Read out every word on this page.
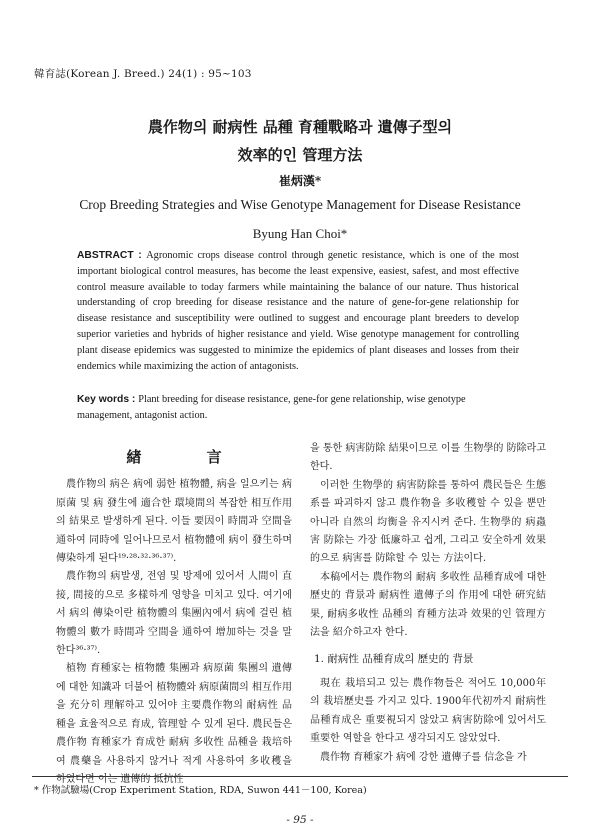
韓育誌(Korean J. Breed.) 24(1) : 95~103
農作物의 耐病性 品種 育種戰略과 遺傳子型의
效率的인 管理方法
崔炳漢*
Crop Breeding Strategies and Wise Genotype Management for Disease Resistance
Byung Han Choi*
ABSTRACT : Agronomic crops disease control through genetic resistance, which is one of the most important biological control measures, has become the least expensive, easiest, safest, and most effective control measure available to today farmers while maintaining the balance of our nature. Thus historical understanding of crop breeding for disease resistance and the nature of gene-for-gene relationship for disease resistance and susceptibility were outlined to suggest and encourage plant breeders to develop superior varieties and hybrids of higher resistance and yield. Wise genotype management for controlling plant disease epidemics was suggested to minimize the epidemics of plant diseases and losses from their endemics while maximizing the action of antagonists.
Key words : Plant breeding for disease resistance, gene-for gene relationship, wise genotype management, antagonist action.
緖 言

農作物의 病은 病에 弱한 植物體, 病을 일으키는 病原菌 및 病 發生에 適合한 環境間의 복잡한 相互作用의 結果로 발생하게 된다. 이들 要因이 時間과 空間을 通하여 同時에 일어나므로서 植物體에 病이 發生하며 傳染하게 된다¹⁹·²⁸·³²·³⁶·³⁷⁾.

農作物의 病발생, 전염 및 방제에 있어서 人間이 直接, 間接的으로 多樣하게 영향을 미치고 있다. 여기에서 病의 傳染이란 植物體의 集團內에서 病에 걸린 植物體의 數가 時間과 空間을 通하여 增加하는 것을 말한다³⁶·³⁷⁾.

植物 育種家는 植物體 集團과 病原菌 集團의 遺傳에 대한 知識과 더불어 植物體와 病原菌間의 相互作用을 充分히 理解하고 있어야 主要農作物의 耐病性 品種을 효율적으로 育成, 管理할 수 있게 된다. 農民들은 農作物 育種家가 育成한 耐病 多收性 品種을 栽培하여 農藥을 사용하지 않거나 적게 사용하여 多收穫을 하였다면 이는 遺傳的 抵抗性

을 통한 病害防除 結果이므로 이를 生物學的 防除라고 한다.

이러한 生物學的 病害防除를 통하여 農民들은 生態系를 파괴하지 않고 農作物을 多收穫할 수 있을 뿐만 아니라 自然의 均衡을 유지시켜 준다. 生物學的 病蟲害 防除는 가장 低廉하고 쉽게, 그리고 安全하게 效果的으로 病害를 防除할 수 있는 方法이다.

本稿에서는 農作物의 耐病 多收性 品種育成에 대한 歷史的 背景과 耐病性 遺傳子의 作用에 대한 硏究結果, 耐病多收性 品種의 育種方法과 效果的인 管理方法을 紹介하고자 한다.

1. 耐病性 品種育成의 歷史的 背景

現在 栽培되고 있는 農作物들은 적어도 10,000年의 栽培歷史를 가지고 있다. 1900年代初까지 耐病性 品種育成은 重要視되지 않았고 病害防除에 있어서도 重要한 역할을 한다고 생각되지도 않았었다.

農作物 育種家가 病에 강한 遺傳子를 信念을 가

* 作物試驗場(Crop Experiment Station, RDA, Suwon 441－100, Korea)
- 95 -
